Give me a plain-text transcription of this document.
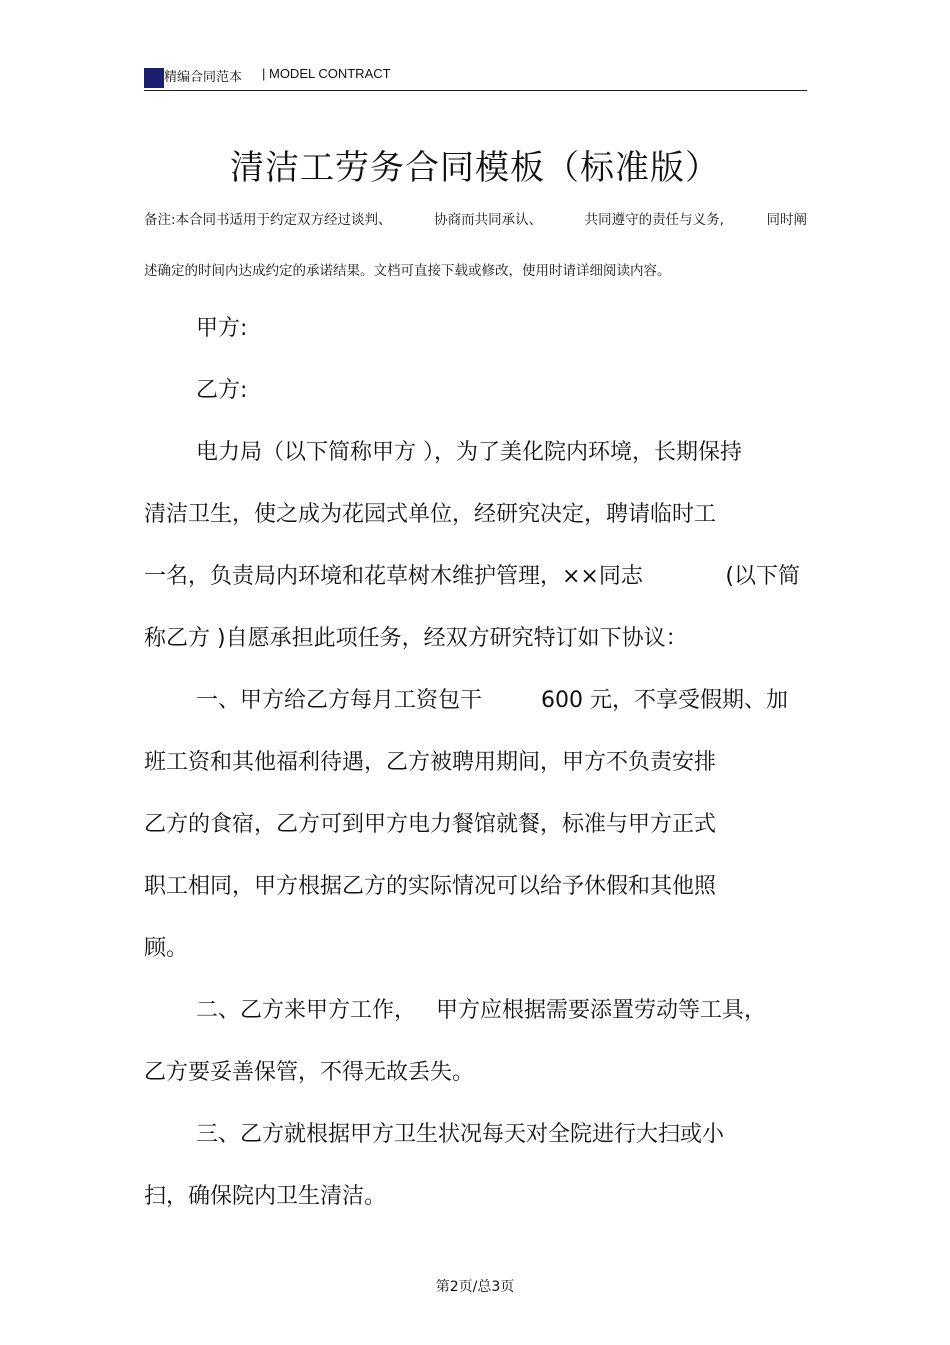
精编合同范本 | MODEL CONTRACT
清洁工劳务合同模板（标准版）
备注:本合同书适用于约定双方经过谈判、	协商而共同承认、	共同遵守的责任与义务,	同时阐
述确定的时间内达成约定的承诺结果。文档可直接下载或修改，使用时请详细阅读内容。
甲方:
乙方:
电力局（以下简称甲方 ），为了美化院内环境，长期保持
清洁卫生，使之成为花园式单位，经研究决定，聘请临时工
一名，负责局内环境和花草树木维护管理，××同志	(以下简
称乙方 )自愿承担此项任务，经双方研究特订如下协议：
一、甲方给乙方每月工资包干	600 元，不享受假期、加
班工资和其他福利待遇，乙方被聘用期间，甲方不负责安排
乙方的食宿，乙方可到甲方电力餐馆就餐，标准与甲方正式
职工相同，甲方根据乙方的实际情况可以给予休假和其他照
顾。
二、乙方来甲方工作， 甲方应根据需要添置劳动等工具，
乙方要妥善保管，不得无故丢失。
三、乙方就根据甲方卫生状况每天对全院进行大扫或小
扫，确保院内卫生清洁。
第2页/总3页
